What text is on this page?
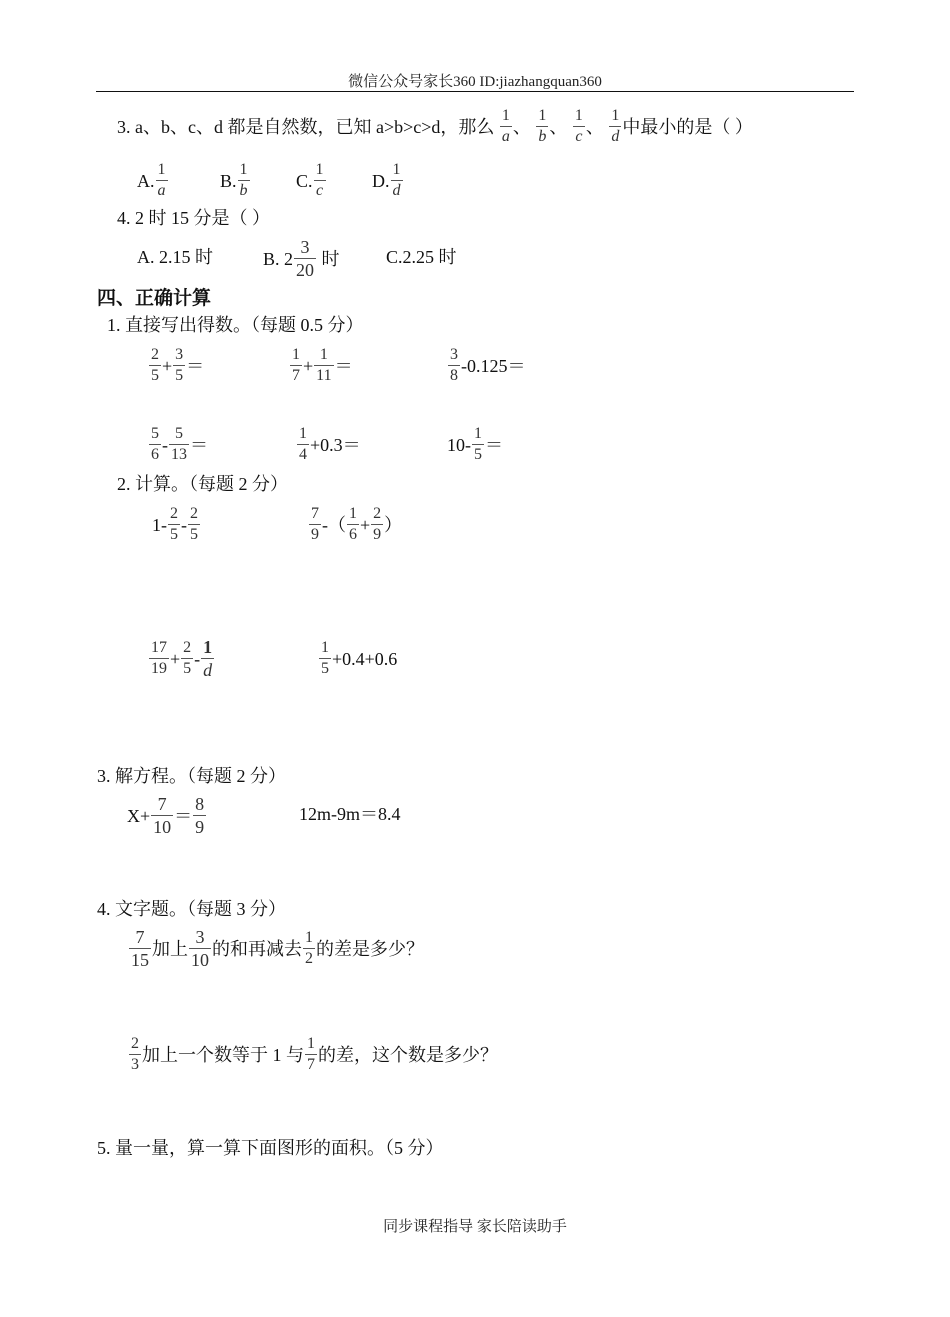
微信公众号家长360 ID:jiazhangquan360
3. a、b、c、d 都是自然数，已知 a>b>c>d，那么 $\frac{1}{a}$ 、 $\frac{1}{b}$ 、 $\frac{1}{c}$ 、 $\frac{1}{d}$ 中最小的是（ ）
A. $\frac{1}{a}$	B. $\frac{1}{b}$	C. $\frac{1}{c}$	D. $\frac{1}{d}$
4. 2 时 15 分是（ ）
A. 2.15 时	B. $2 \frac{3}{20}$ 时	C.2.25 时
四、正确计算
1. 直接写出得数。（每题 0.5 分）
$\frac{2}{5} + \frac{3}{5}$ ＝	$\frac{1}{7} + \frac{1}{11}$ ＝	$\frac{3}{8} -0.125=$
$\frac{5}{6} - \frac{5}{13}$ ＝	$\frac{1}{4} +0.3=$	$10- \frac{1}{5}$ ＝
2. 计算。（每题 2 分）
$1- \frac{2}{5} - \frac{2}{5}$	$\frac{7}{9}$ -（ $\frac{1}{6} + \frac{2}{9}$ ）
$\frac{17}{19} + \frac{2}{5} - \frac{1}{d}$	$\frac{1}{5} +0.4+0.6$
3. 解方程。（每题 2 分）
$X+ \frac{7}{10} = \frac{8}{9}$	12m-9m＝8.4
4. 文字题。（每题 3 分）
$\frac{7}{15}$ 加上 $\frac{3}{10}$ 的和再减去 $\frac{1}{2}$ 的差是多少？
$\frac{2}{3}$ 加上一个数等于 1 与 $\frac{1}{7}$ 的差，这个数是多少？
5. 量一量，算一算下面图形的面积。（5 分）
同步课程指导 家长陪读助手
